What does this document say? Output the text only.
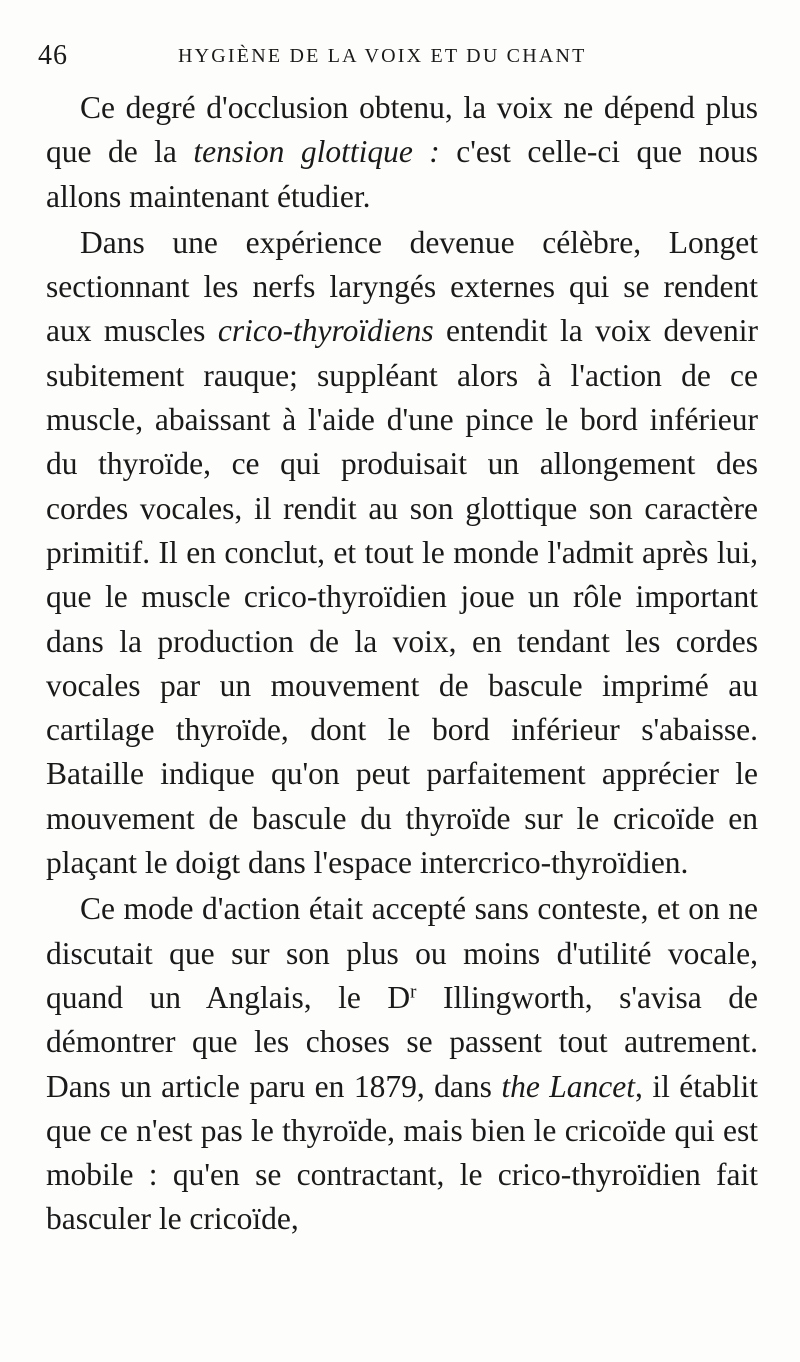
46	HYGIÈNE DE LA VOIX ET DU CHANT

Ce degré d'occlusion obtenu, la voix ne dépend plus que de la tension glottique : c'est celle-ci que nous allons maintenant étudier.

Dans une expérience devenue célèbre, Longet sectionnant les nerfs laryngés externes qui se rendent aux muscles crico-thyroïdiens entendit la voix devenir subitement rauque; suppléant alors à l'action de ce muscle, abaissant à l'aide d'une pince le bord inférieur du thyroïde, ce qui produisait un allongement des cordes vocales, il rendit au son glottique son caractère primitif. Il en conclut, et tout le monde l'admit après lui, que le muscle crico-thyroïdien joue un rôle important dans la production de la voix, en tendant les cordes vocales par un mouvement de bascule imprimé au cartilage thyroïde, dont le bord inférieur s'abaisse. Bataille indique qu'on peut parfaitement apprécier le mouvement de bascule du thyroïde sur le cricoïde en plaçant le doigt dans l'espace intercrico-thyroïdien.

Ce mode d'action était accepté sans conteste, et on ne discutait que sur son plus ou moins d'utilité vocale, quand un Anglais, le $D^r$ Illingworth, s'avisa de démontrer que les choses se passent tout autrement. Dans un article paru en 1879, dans the Lancet, il établit que ce n'est pas le thyroïde, mais bien le cricoïde qui est mobile : qu'en se contractant, le crico-thyroïdien fait basculer le cricoïde,
